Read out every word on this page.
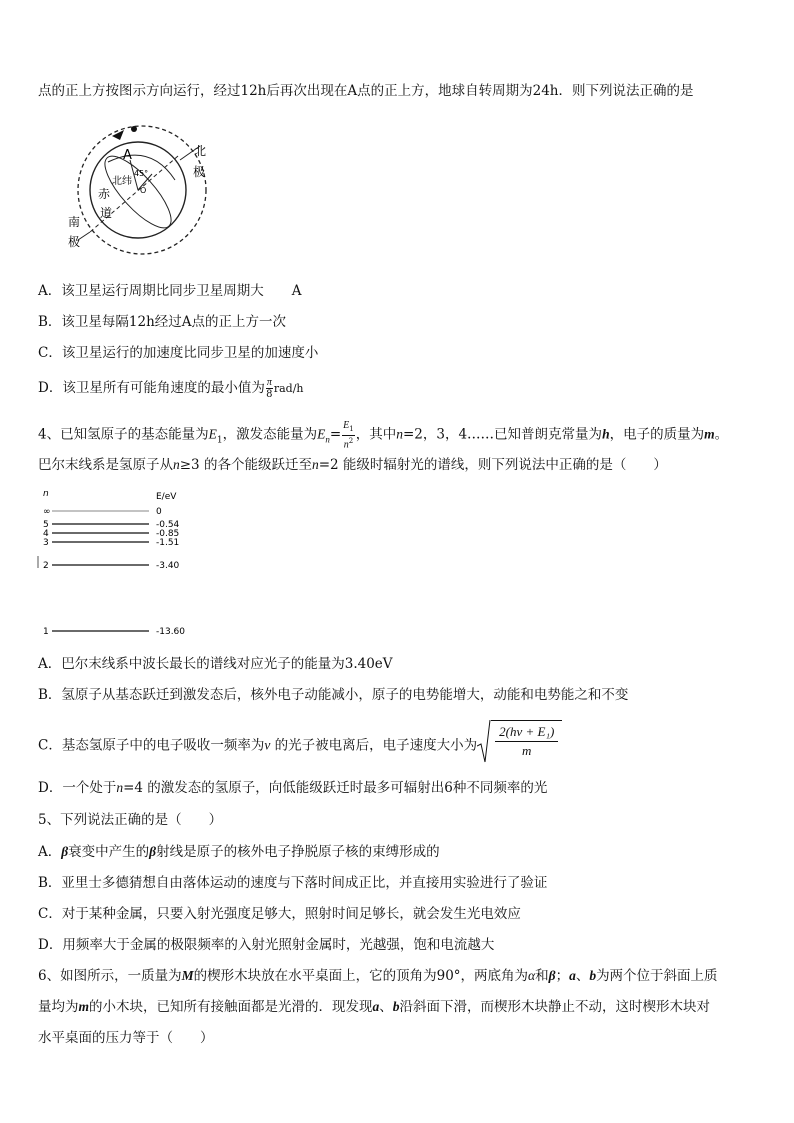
点的正上方按图示方向运行，经过12h后再次出现在A点的正上方，地球自转周期为24h．则下列说法正确的是
A	北
极
南
极
赤
道
北纬
45°
O
A．该卫星运行周期比同步卫星周期大 A
B．该卫星每隔12h经过A点的正上方一次
C．该卫星运行的加速度比同步卫星的加速度小
D．该卫星所有可能角速度的最小值为 $\frac{\pi}{8} rad/h$
4、已知氢原子的基态能量为$E_1$，激发态能量为$E_n= \frac{E_1}{n^2}$ ，其中n=2，3，4……已知普朗克常量为h，电子的质量为m。
巴尔末线系是氢原子从n≥3 的各个能级跃迁至n=2 能级时辐射光的谱线，则下列说法中正确的是（　　）
n	E/eV
∞	0
5	-0.54
4	-0.85
3	-1.51
2	-3.40
1	-13.60
A．巴尔末线系中波长最长的谱线对应光子的能量为3.40eV
B．氢原子从基态跃迁到激发态后，核外电子动能减小，原子的电势能增大，动能和电势能之和不变
C．基态氢原子中的电子吸收一频率为ν 的光子被电离后，电子速度大小为 $\frac{\text{2(hν + E₁)}}{m}$
D．一个处于n=4 的激发态的氢原子，向低能级跃迁时最多可辐射出6种不同频率的光
5、下列说法正确的是（　　）
A．β衰变中产生的β射线是原子的核外电子挣脱原子核的束缚形成的
B．亚里士多德猜想自由落体运动的速度与下落时间成正比，并直接用实验进行了验证
C．对于某种金属，只要入射光强度足够大，照射时间足够长，就会发生光电效应
D．用频率大于金属的极限频率的入射光照射金属时，光越强，饱和电流越大
6、如图所示，一质量为M的楔形木块放在水平桌面上，它的顶角为90°，两底角为α和β；a、b为两个位于斜面上质
量均为m的小木块，已知所有接触面都是光滑的．现发现a、b沿斜面下滑，而楔形木块静止不动，这时楔形木块对
水平桌面的压力等于（　　）
